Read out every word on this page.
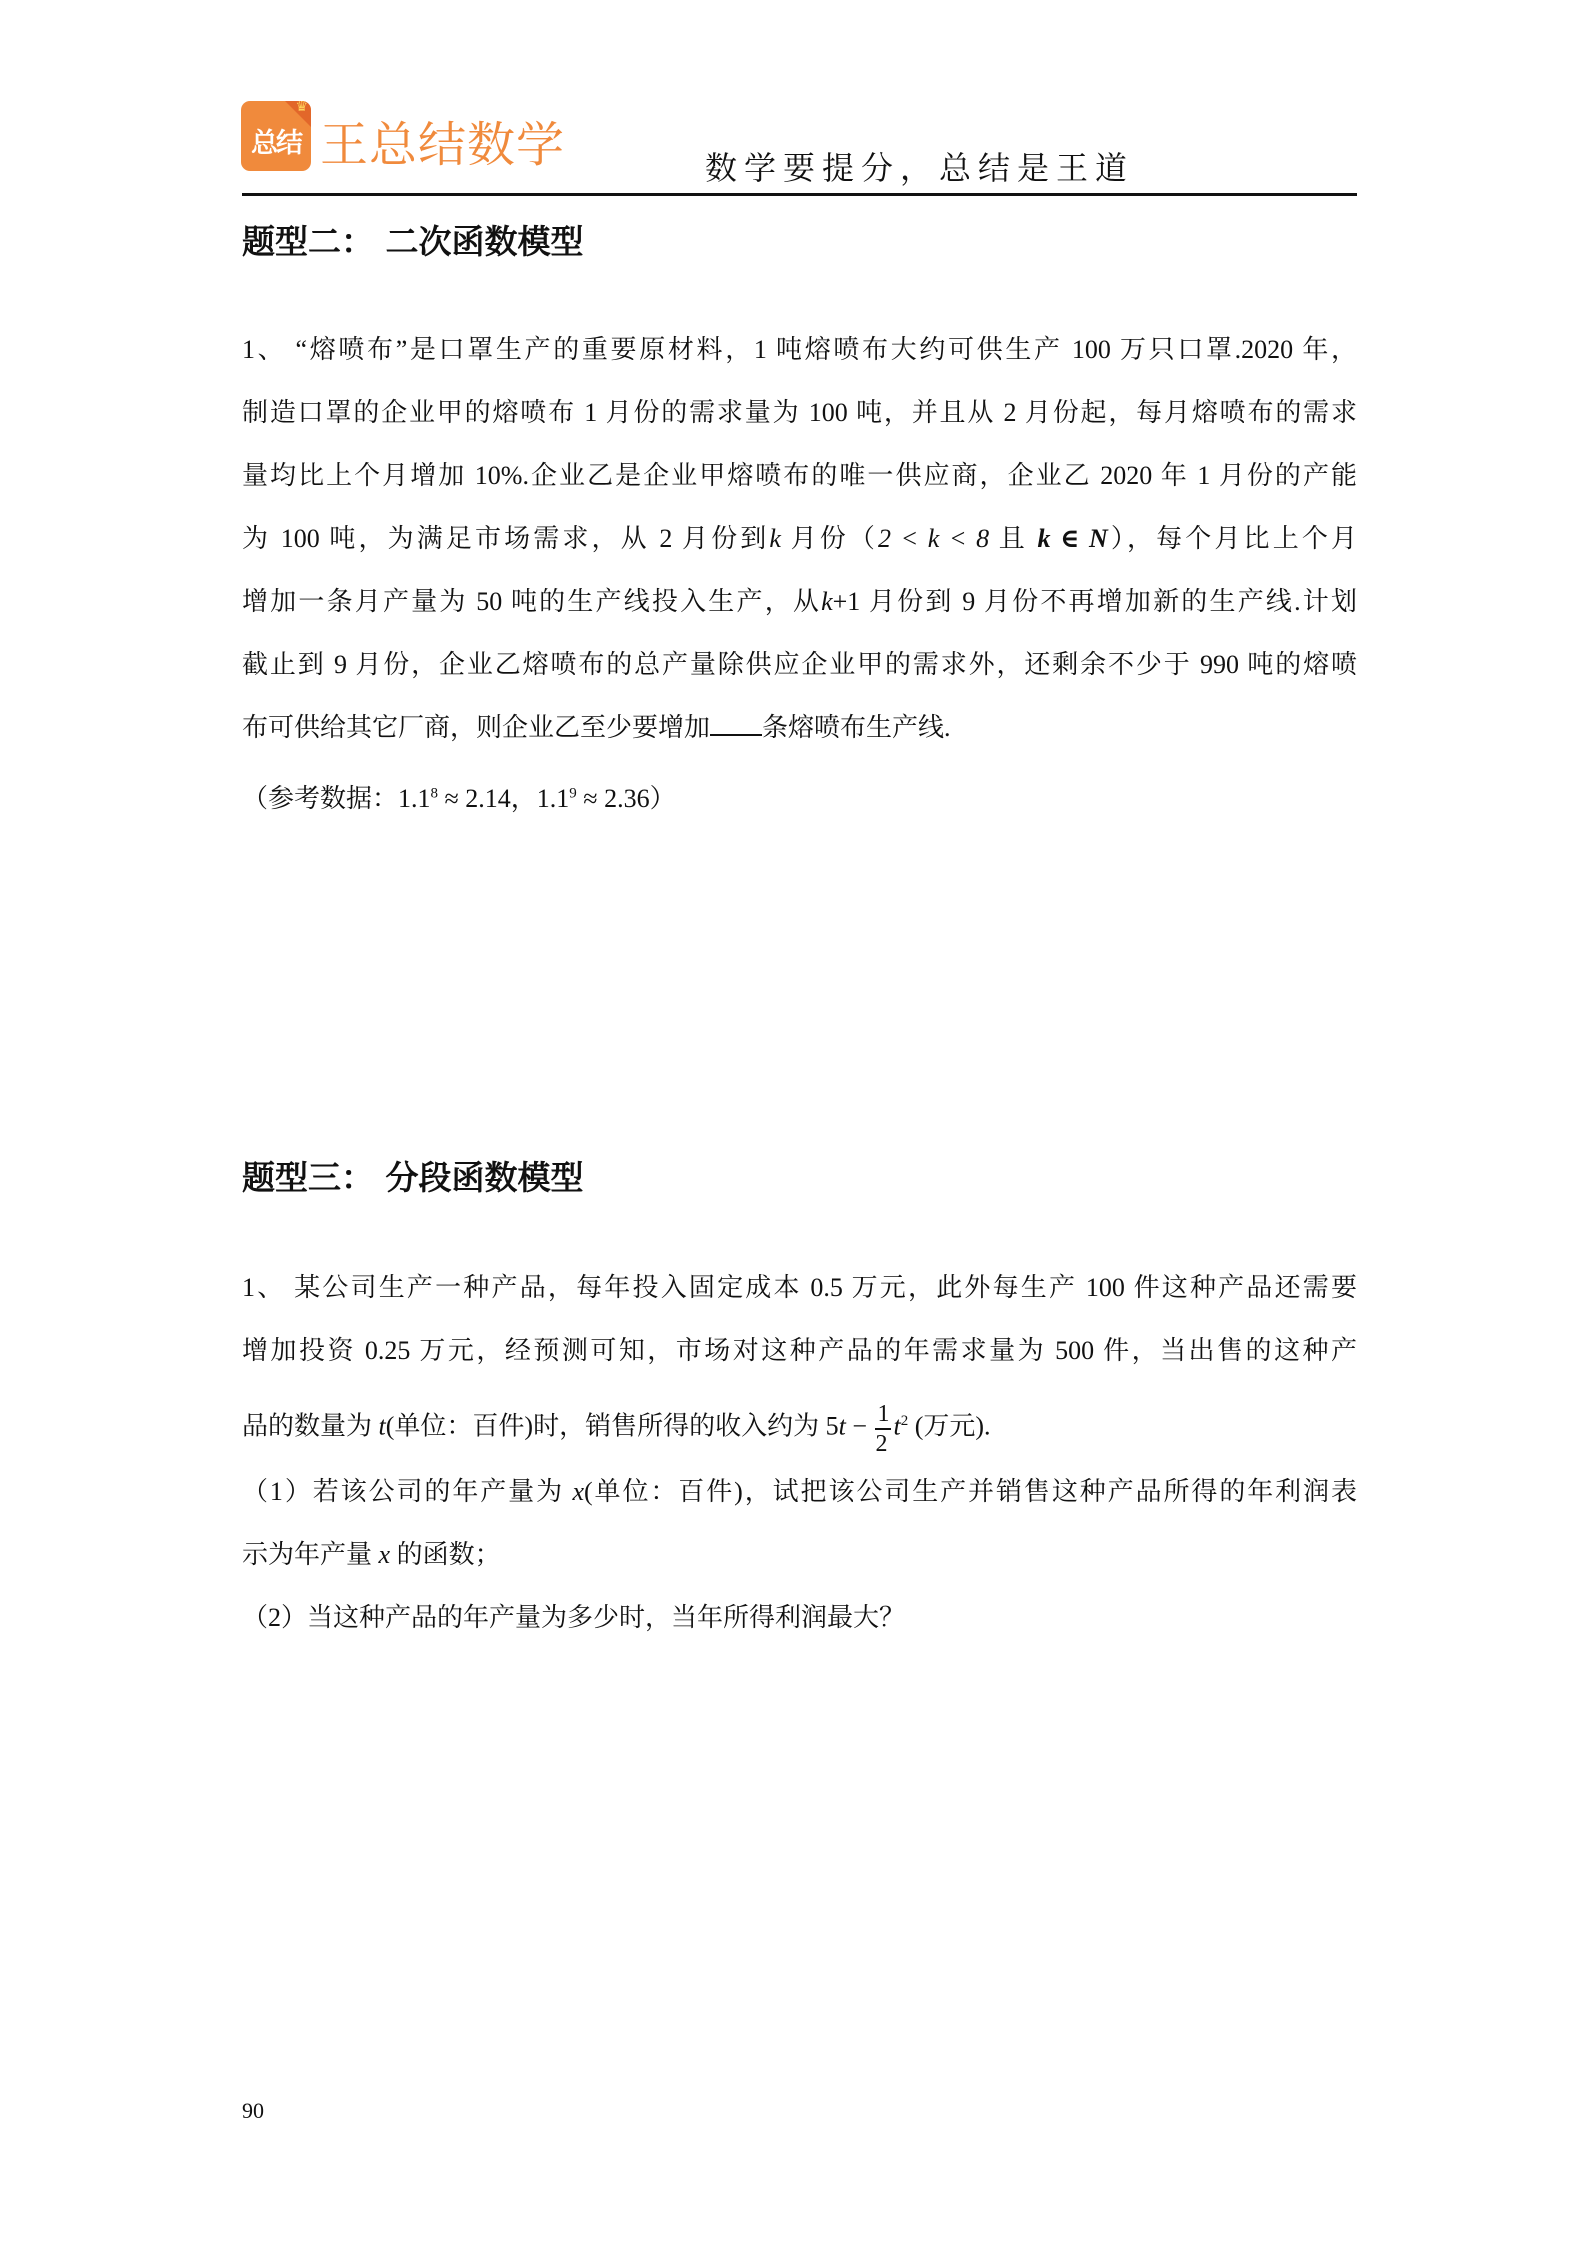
♛
总结 王总结数学	数学要提分，总结是王道
题型二： 二次函数模型
1、 “熔喷布”是口罩生产的重要原材料，1 吨熔喷布大约可供生产 100 万只口罩.2020 年，
制造口罩的企业甲的熔喷布 1 月份的需求量为 100 吨，并且从 2 月份起，每月熔喷布的需求
量均比上个月增加 10%.企业乙是企业甲熔喷布的唯一供应商，企业乙 2020 年 1 月份的产能
为 100 吨，为满足市场需求，从 2 月份到k 月份（2 < k < 8 且 k ∈ N），每个月比上个月
增加一条月产量为 50 吨的生产线投入生产，从k+1 月份到 9 月份不再增加新的生产线.计划
截止到 9 月份，企业乙熔喷布的总产量除供应企业甲的需求外，还剩余不少于 990 吨的熔喷
布可供给其它厂商，则企业乙至少要增加 条熔喷布生产线.
（参考数据：$1.1^8 \approx 2.14$，$1.1^9 \approx 2.36$）
题型三： 分段函数模型
1、 某公司生产一种产品，每年投入固定成本 0.5 万元，此外每生产 100 件这种产品还需要
增加投资 0.25 万元，经预测可知，市场对这种产品的年需求量为 500 件，当出售的这种产
品的数量为 t(单位：百件)时，销售所得的收入约为 $5t - \frac{1}{2} t^2$ (万元).
（1）若该公司的年产量为 x(单位：百件)，试把该公司生产并销售这种产品所得的年利润表
示为年产量 x 的函数；
（2）当这种产品的年产量为多少时，当年所得利润最大？
90
